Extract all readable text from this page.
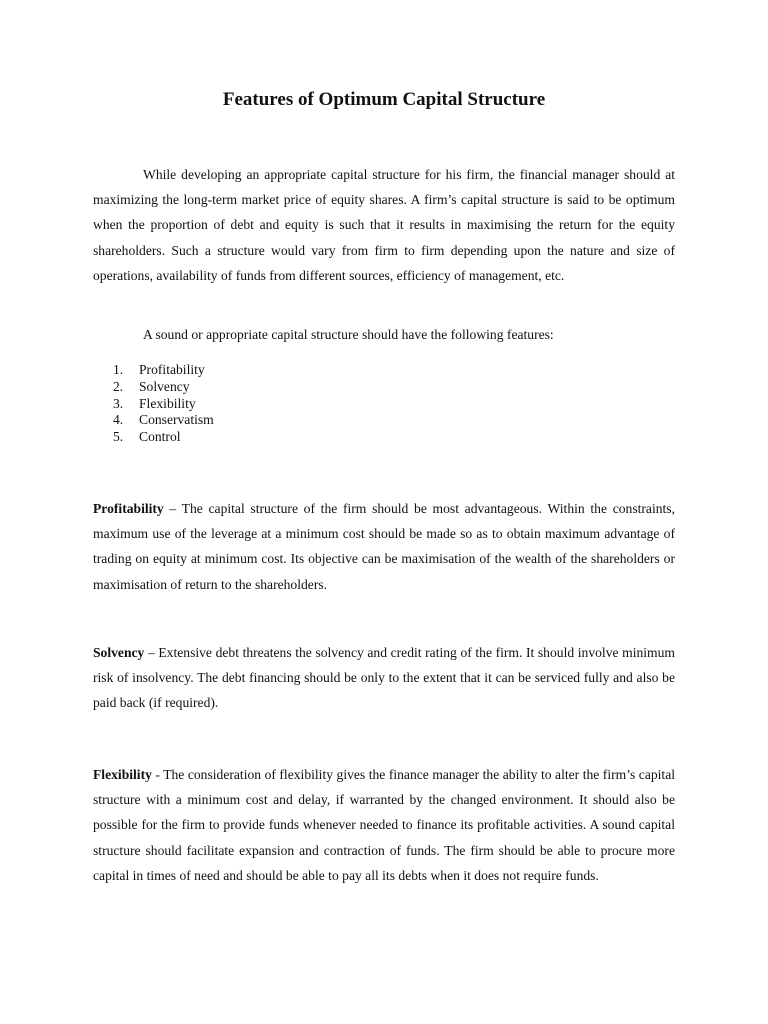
Features of Optimum Capital Structure

While developing an appropriate capital structure for his firm, the financial manager should at maximizing the long-term market price of equity shares. A firm’s capital structure is said to be optimum when the proportion of debt and equity is such that it results in maximising the return for the equity shareholders. Such a structure would vary from firm to firm depending upon the nature and size of operations, availability of funds from different sources, efficiency of management, etc.

A sound or appropriate capital structure should have the following features:

1. Profitability
2. Solvency
3. Flexibility
4. Conservatism
5. Control

Profitability – The capital structure of the firm should be most advantageous. Within the constraints, maximum use of the leverage at a minimum cost should be made so as to obtain maximum advantage of trading on equity at minimum cost. Its objective can be maximisation of the wealth of the shareholders or maximisation of return to the shareholders.

Solvency – Extensive debt threatens the solvency and credit rating of the firm. It should involve minimum risk of insolvency. The debt financing should be only to the extent that it can be serviced fully and also be paid back (if required).

Flexibility - The consideration of flexibility gives the finance manager the ability to alter the firm’s capital structure with a minimum cost and delay, if warranted by the changed environment. It should also be possible for the firm to provide funds whenever needed to finance its profitable activities. A sound capital structure should facilitate expansion and contraction of funds. The firm should be able to procure more capital in times of need and should be able to pay all its debts when it does not require funds.
